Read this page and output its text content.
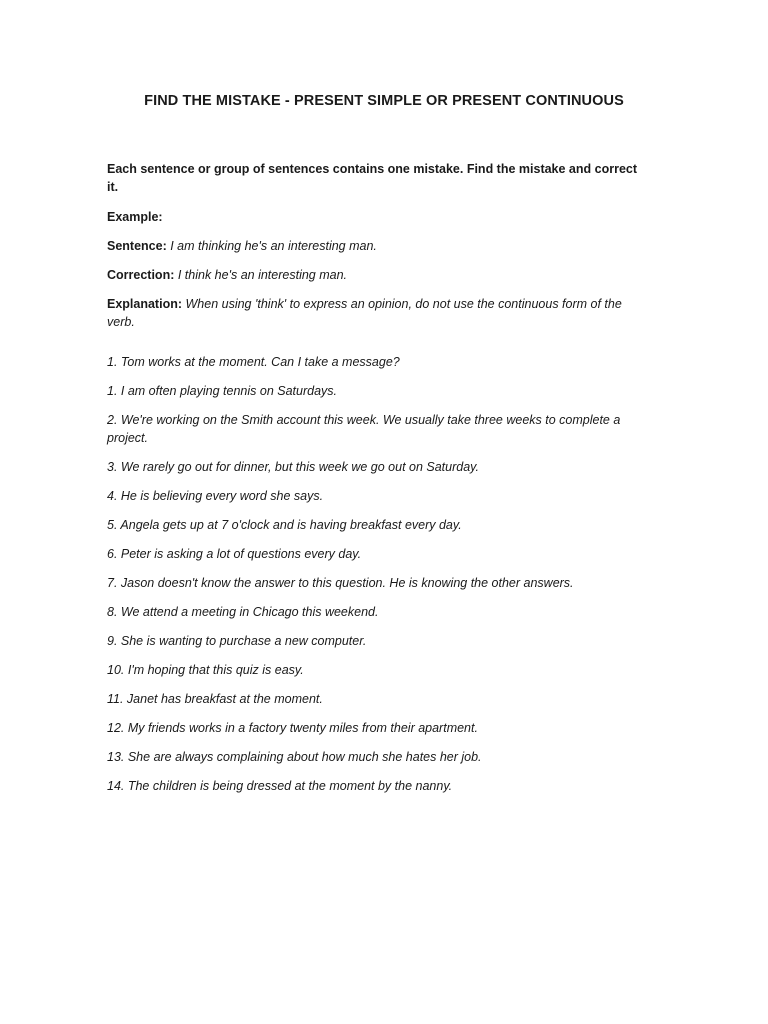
FIND THE MISTAKE - PRESENT SIMPLE OR PRESENT CONTINUOUS
Each sentence or group of sentences contains one mistake. Find the mistake and correct it.
Example:
Sentence: I am thinking he's an interesting man.
Correction: I think he's an interesting man.
Explanation: When using 'think' to express an opinion, do not use the continuous form of the verb.
1. Tom works at the moment. Can I take a message?
1. I am often playing tennis on Saturdays.
2. We're working on the Smith account this week. We usually take three weeks to complete a project.
3. We rarely go out for dinner, but this week we go out on Saturday.
4. He is believing every word she says.
5. Angela gets up at 7 o'clock and is having breakfast every day.
6. Peter is asking a lot of questions every day.
7. Jason doesn't know the answer to this question. He is knowing the other answers.
8. We attend a meeting in Chicago this weekend.
9. She is wanting to purchase a new computer.
10. I'm hoping that this quiz is easy.
11. Janet has breakfast at the moment.
12. My friends works in a factory twenty miles from their apartment.
13. She are always complaining about how much she hates her job.
14. The children is being dressed at the moment by the nanny.
